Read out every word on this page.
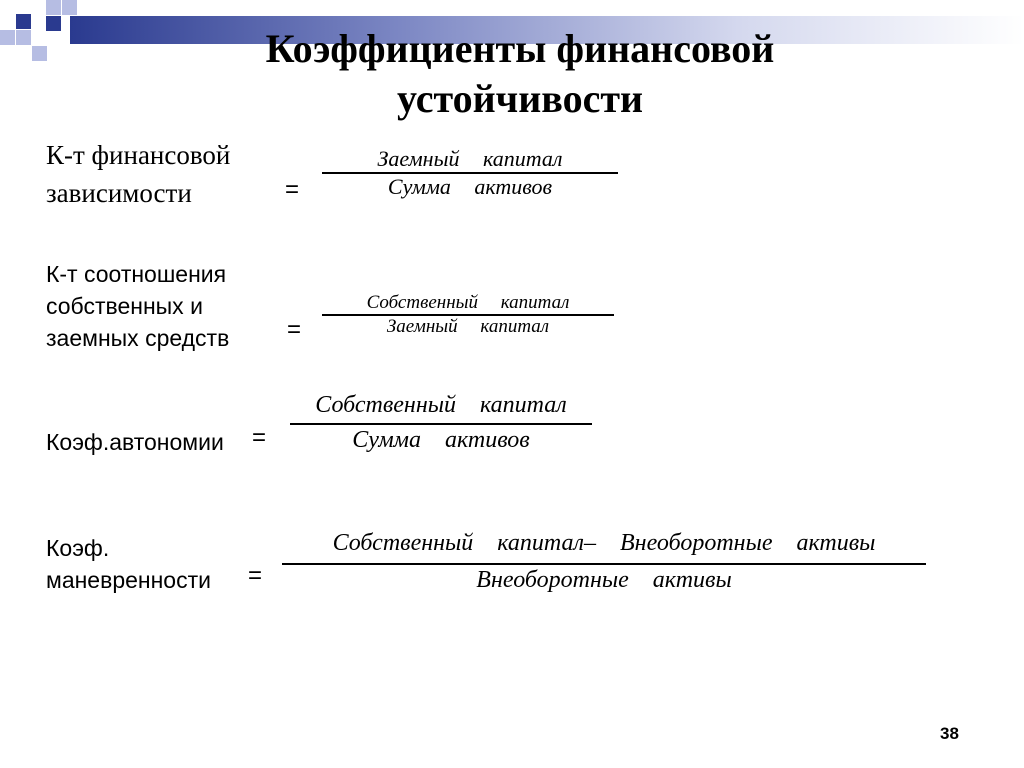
Коэффициенты финансовой устойчивости
К-т финансовой
зависимости	=
Заемный капитал
Сумма активов
К-т соотношения
собственных и
заемных средств =
Собственный капитал
Заемный капитал
Коэф.автономии =
Собственный капитал
Сумма активов
Коэф.
маневренности =
Собственный капитал– Внеоборотные активы
Внеоборотные активы
38
